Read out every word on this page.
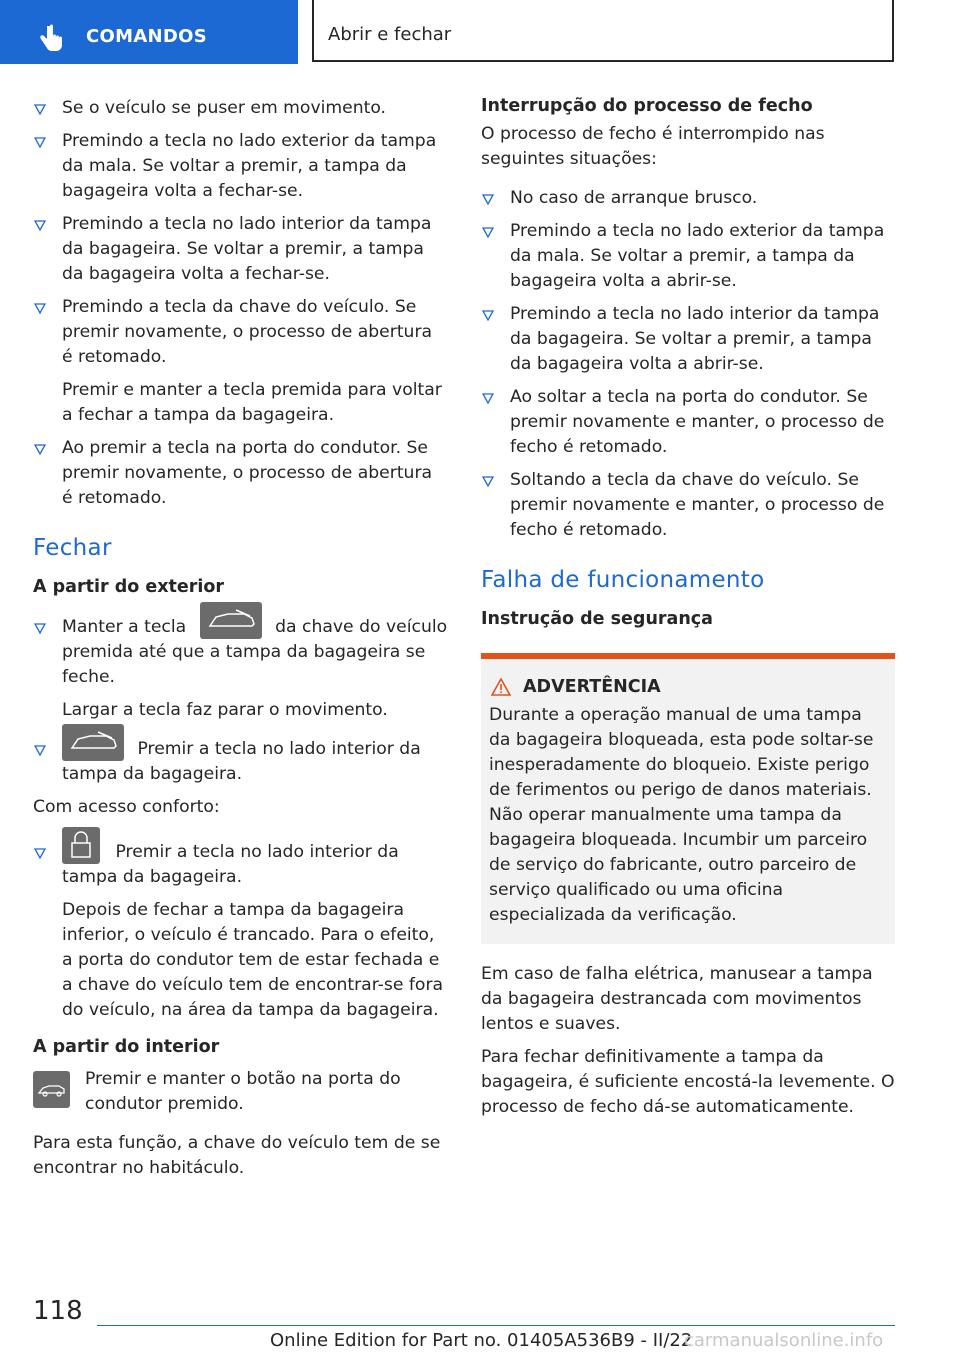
COMANDOS	Abrir e fechar
Se o veículo se puser em movimento.
Premindo a tecla no lado exterior da tampa da mala. Se voltar a premir, a tampa da bagageira volta a fechar-se.
Premindo a tecla no lado interior da tampa da bagageira. Se voltar a premir, a tampa da bagageira volta a fechar-se.
Premindo a tecla da chave do veículo. Se premir novamente, o processo de abertura é retomado.
Premir e manter a tecla premida para voltar a fechar a tampa da bagageira.
Ao premir a tecla na porta do condutor. Se premir novamente, o processo de abertura é retomado.
Fechar
A partir do exterior
Manter a tecla	da chave do veículo premida até que a tampa da bagageira se feche.
Largar a tecla faz parar o movimento.
Premir a tecla no lado interior da tampa da bagageira.
Com acesso conforto:
Premir a tecla no lado interior da tampa da bagageira.
Depois de fechar a tampa da bagageira inferior, o veículo é trancado. Para o efeito, a porta do condutor tem de estar fechada e a chave do veículo tem de encontrar-se fora do veículo, na área da tampa da bagageira.
A partir do interior
Premir e manter o botão na porta do condutor premido.
Para esta função, a chave do veículo tem de se encontrar no habitáculo.
Interrupção do processo de fecho
O processo de fecho é interrompido nas seguintes situações:
No caso de arranque brusco.
Premindo a tecla no lado exterior da tampa da mala. Se voltar a premir, a tampa da bagageira volta a abrir-se.
Premindo a tecla no lado interior da tampa da bagageira. Se voltar a premir, a tampa da bagageira volta a abrir-se.
Ao soltar a tecla na porta do condutor. Se premir novamente e manter, o processo de fecho é retomado.
Soltando a tecla da chave do veículo. Se premir novamente e manter, o processo de fecho é retomado.
Falha de funcionamento
Instrução de segurança
ADVERTÊNCIA
Durante a operação manual de uma tampa da bagageira bloqueada, esta pode soltar-se inesperadamente do bloqueio. Existe perigo de ferimentos ou perigo de danos materiais. Não operar manualmente uma tampa da bagageira bloqueada. Incumbir um parceiro de serviço do fabricante, outro parceiro de serviço qualificado ou uma oficina especializada da verificação.
Em caso de falha elétrica, manusear a tampa da bagageira destrancada com movimentos lentos e suaves.
Para fechar definitivamente a tampa da bagageira, é suficiente encostá-la levemente. O processo de fecho dá-se automaticamente.
118
Online Edition for Part no. 01405A536B9 - II/22
carmanualsonline.info
